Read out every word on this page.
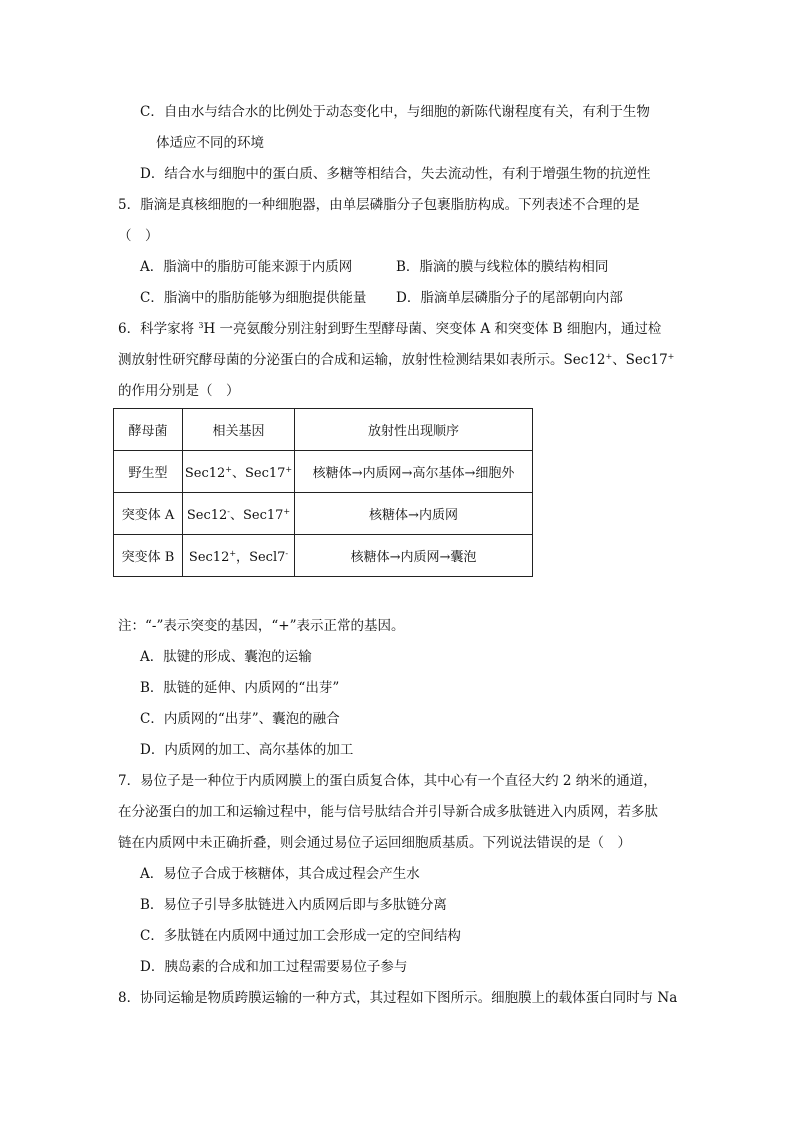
C．自由水与结合水的比例处于动态变化中，与细胞的新陈代谢程度有关，有利于生物
体适应不同的环境
D．结合水与细胞中的蛋白质、多糖等相结合，失去流动性，有利于增强生物的抗逆性
5．脂滴是真核细胞的一种细胞器，由单层磷脂分子包裹脂肪构成。下列表述不合理的是
（　）
A．脂滴中的脂肪可能来源于内质网	B．脂滴的膜与线粒体的膜结构相同
C．脂滴中的脂肪能够为细胞提供能量 D．脂滴单层磷脂分子的尾部朝向内部
6．科学家将 $^3$H 一亮氨酸分别注射到野生型酵母菌、突变体 A 和突变体 B 细胞内，通过检
测放射性研究酵母菌的分泌蛋白的合成和运输，放射性检测结果如表所示。Sec12+、Sec17+
的作用分别是（　）
酵母菌	相关基因	放射性出现顺序
野生型	Sec12+、Sec17+	核糖体→内质网→高尔基体→细胞外
突变体 A	Sec12-、Sec17+	核糖体→内质网
突变体 B	Sec12+，Secl7-	核糖体→内质网→囊泡
注：“-”表示突变的基因，“+”表示正常的基因。
A．肽键的形成、囊泡的运输
B．肽链的延伸、内质网的“出芽”
C．内质网的“出芽”、囊泡的融合
D．内质网的加工、高尔基体的加工
7．易位子是一种位于内质网膜上的蛋白质复合体，其中心有一个直径大约 2 纳米的通道，
在分泌蛋白的加工和运输过程中，能与信号肽结合并引导新合成多肽链进入内质网，若多肽
链在内质网中未正确折叠，则会通过易位子运回细胞质基质。下列说法错误的是（　）
A．易位子合成于核糖体，其合成过程会产生水
B．易位子引导多肽链进入内质网后即与多肽链分离
C．多肽链在内质网中通过加工会形成一定的空间结构
D．胰岛素的合成和加工过程需要易位子参与
8．协同运输是物质跨膜运输的一种方式，其过程如下图所示。细胞膜上的载体蛋白同时与 Na
